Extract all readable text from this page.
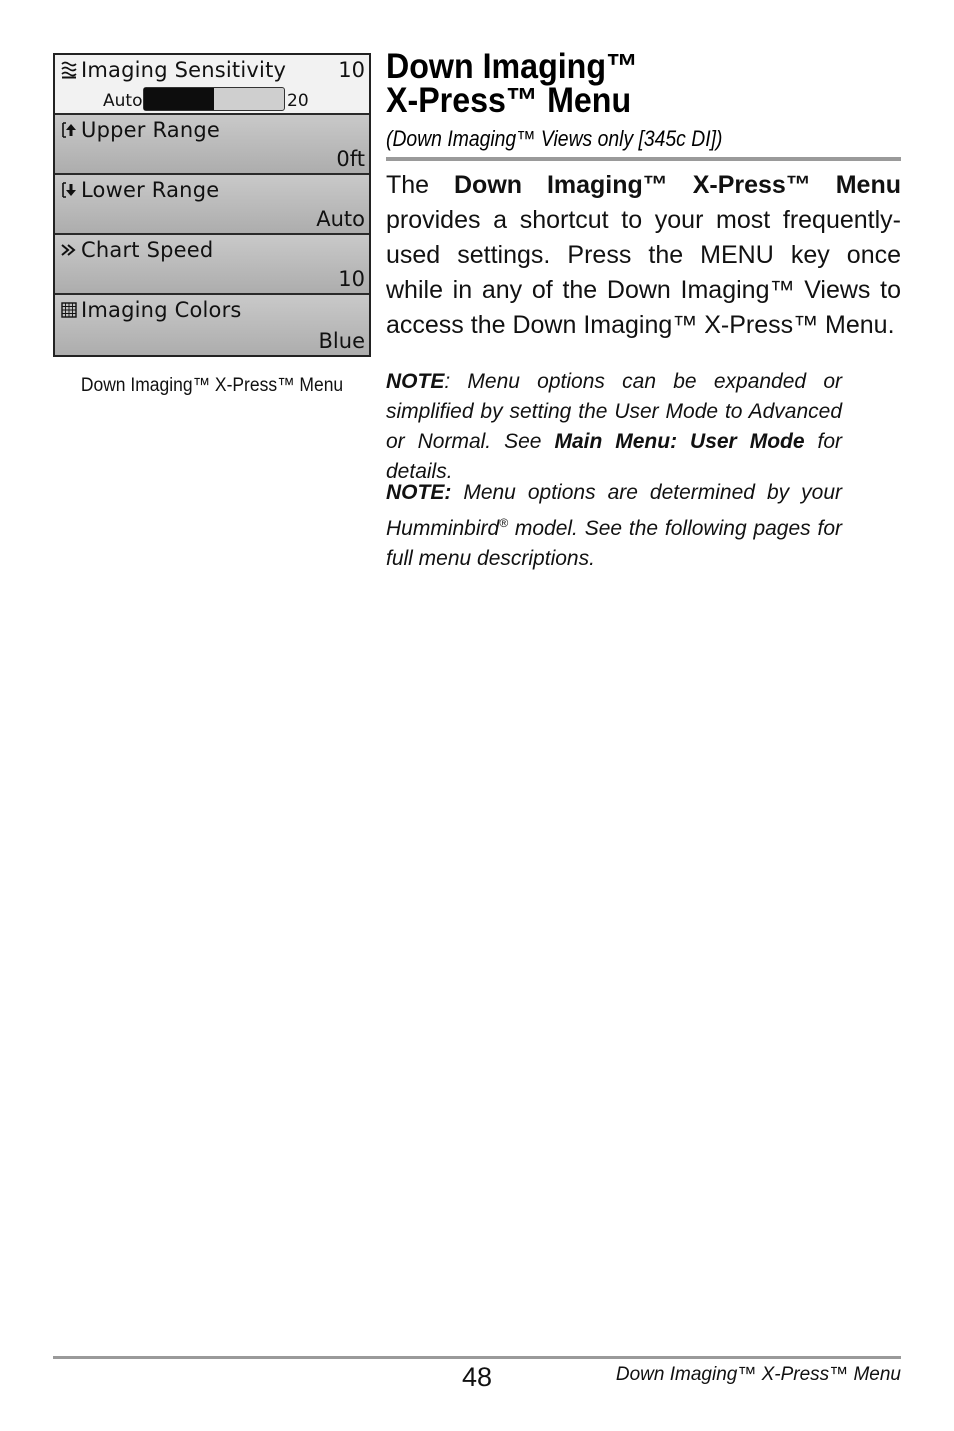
Imaging Sensitivity 10
Auto	20
Upper Range
0ft
Lower Range
Auto
Chart Speed
10
Imaging Colors
Blue
Down Imaging™ X-Press™ Menu
Down Imaging™
X-Press™ Menu
(Down Imaging™ Views only [345c DI])

The Down Imaging™ X-Press™ Menu provides a shortcut to your most frequently-used settings. Press the MENU key once while in any of the Down Imaging™ Views to access the Down Imaging™ X-Press™ Menu.

NOTE: Menu options can be expanded or simplified by setting the User Mode to Advanced or Normal. See Main Menu: User Mode for details.

NOTE: Menu options are determined by your Humminbird® model. See the following pages for full menu descriptions.

48	Down Imaging™ X-Press™ Menu
